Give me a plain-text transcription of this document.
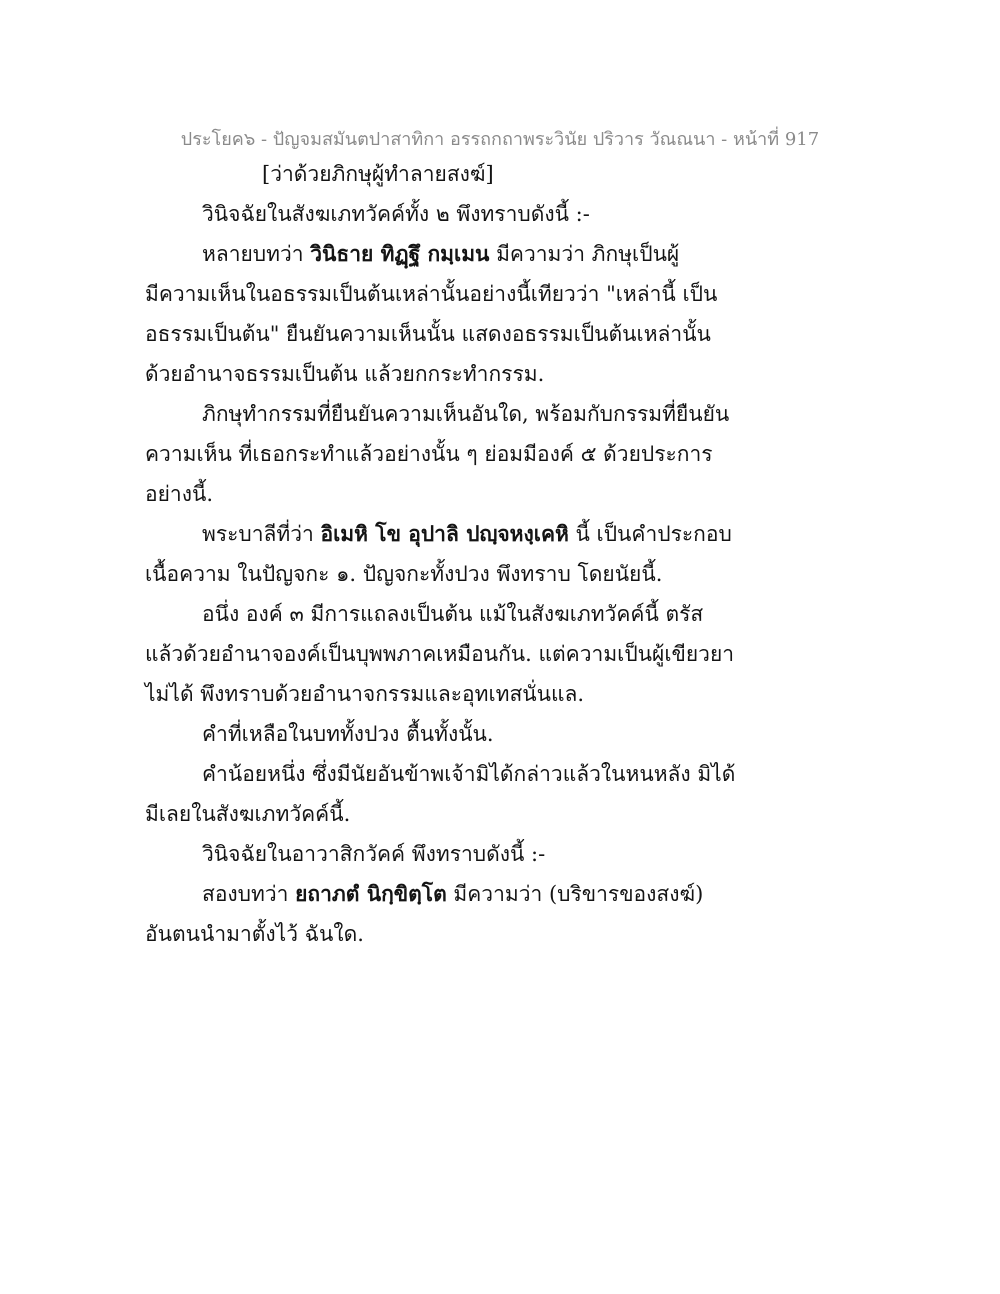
ประโยค๖ - ปัญจมสมันตปาสาทิกา อรรถกถาพระวินัย ปริวาร วัณณนา - หน้าที่ 917
[ว่าด้วยภิกษุผู้ทำลายสงฆ์]
วินิจฉัยในสังฆเภทวัคค์ทั้ง ๒ พึงทราบดังนี้ :-
หลายบทว่า วินิธาย ทิฏฺฐึ กมฺเมน มีความว่า ภิกษุเป็นผู้
มีความเห็นในอธรรมเป็นต้นเหล่านั้นอย่างนี้เทียวว่า "เหล่านี้ เป็น
อธรรมเป็นต้น" ยืนยันความเห็นนั้น แสดงอธรรมเป็นต้นเหล่านั้น
ด้วยอำนาจธรรมเป็นต้น แล้วยกกระทำกรรม.
ภิกษุทำกรรมที่ยืนยันความเห็นอันใด, พร้อมกับกรรมที่ยืนยัน
ความเห็น ที่เธอกระทำแล้วอย่างนั้น ๆ ย่อมมีองค์ ๕ ด้วยประการ
อย่างนี้.
พระบาลีที่ว่า อิเมหิ โข อุปาลิ ปญฺจหงฺเคหิ นี้ เป็นคำประกอบ
เนื้อความ ในปัญจกะ ๑. ปัญจกะทั้งปวง พึงทราบ โดยนัยนี้.
อนึ่ง องค์ ๓ มีการแถลงเป็นต้น แม้ในสังฆเภทวัคค์นี้ ตรัส
แล้วด้วยอำนาจองค์เป็นบุพพภาคเหมือนกัน. แต่ความเป็นผู้เขียวยา
ไม่ได้ พึงทราบด้วยอำนาจกรรมและอุทเทสนั่นแล.
คำที่เหลือในบททั้งปวง ตื้นทั้งนั้น.
คำน้อยหนึ่ง ซึ่งมีนัยอันข้าพเจ้ามิได้กล่าวแล้วในหนหลัง มิได้
มีเลยในสังฆเภทวัคค์นี้.
วินิจฉัยในอาวาสิกวัคค์ พึงทราบดังนี้ :-
สองบทว่า ยถาภตํ นิกฺขิตฺโต มีความว่า (บริขารของสงฆ์)
อันตนนำมาตั้งไว้ ฉันใด.
